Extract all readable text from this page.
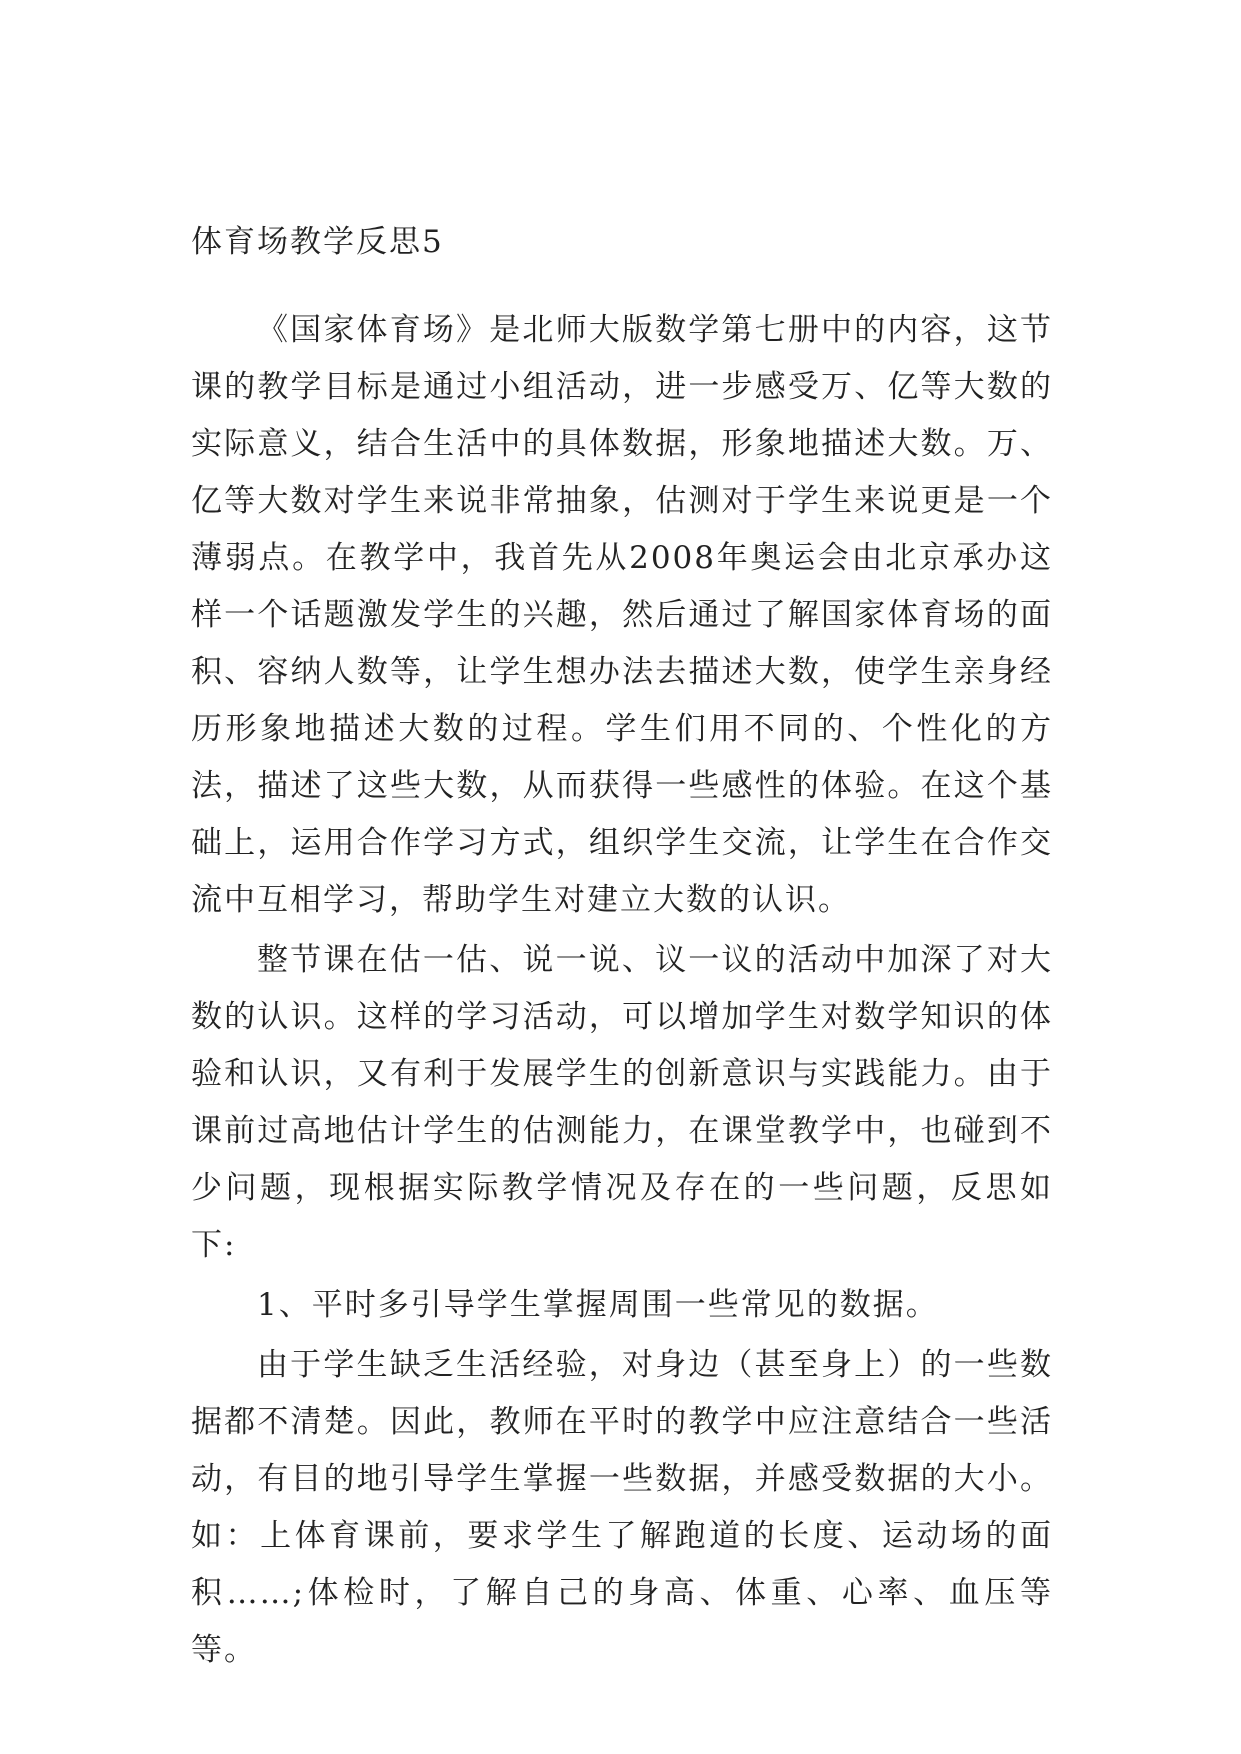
体育场教学反思5

《国家体育场》是北师大版数学第七册中的内容，这节课的教学目标是通过小组活动，进一步感受万、亿等大数的实际意义，结合生活中的具体数据，形象地描述大数。万、亿等大数对学生来说非常抽象，估测对于学生来说更是一个薄弱点。在教学中，我首先从2008年奥运会由北京承办这样一个话题激发学生的兴趣，然后通过了解国家体育场的面积、容纳人数等，让学生想办法去描述大数，使学生亲身经历形象地描述大数的过程。学生们用不同的、个性化的方法，描述了这些大数，从而获得一些感性的体验。在这个基础上，运用合作学习方式，组织学生交流，让学生在合作交流中互相学习，帮助学生对建立大数的认识。

整节课在估一估、说一说、议一议的活动中加深了对大数的认识。这样的学习活动，可以增加学生对数学知识的体验和认识，又有利于发展学生的创新意识与实践能力。由于课前过高地估计学生的估测能力，在课堂教学中，也碰到不少问题，现根据实际教学情况及存在的一些问题，反思如下:

1、平时多引导学生掌握周围一些常见的数据。

由于学生缺乏生活经验，对身边（甚至身上）的一些数据都不清楚。因此，教师在平时的教学中应注意结合一些活动，有目的地引导学生掌握一些数据，并感受数据的大小。如：上体育课前，要求学生了解跑道的长度、运动场的面积……;体检时，了解自己的身高、体重、心率、血压等等。
